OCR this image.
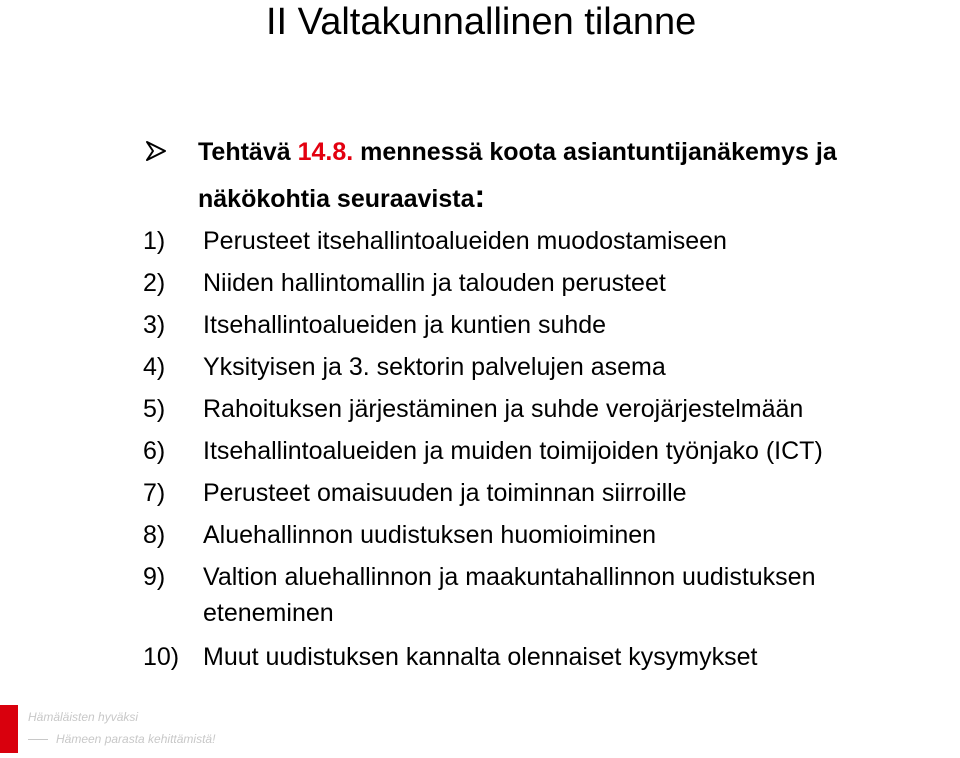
II Valtakunnallinen tilanne
Tehtävä 14.8. mennessä koota asiantuntijanäkemys ja
näkökohtia seuraavista:
1) Perusteet itsehallintoalueiden muodostamiseen
2) Niiden hallintomallin ja talouden perusteet
3) Itsehallintoalueiden ja kuntien suhde
4) Yksityisen ja 3. sektorin palvelujen asema
5) Rahoituksen järjestäminen ja suhde verojärjestelmään
6) Itsehallintoalueiden ja muiden toimijoiden työnjako (ICT)
7) Perusteet omaisuuden ja toiminnan siirroille
8) Aluehallinnon uudistuksen huomioiminen
9) Valtion aluehallinnon ja maakuntahallinnon uudistuksen eteneminen
10) Muut uudistuksen kannalta olennaiset kysymykset
Hämäläisten hyväksi
Hämeen parasta kehittämistä!
